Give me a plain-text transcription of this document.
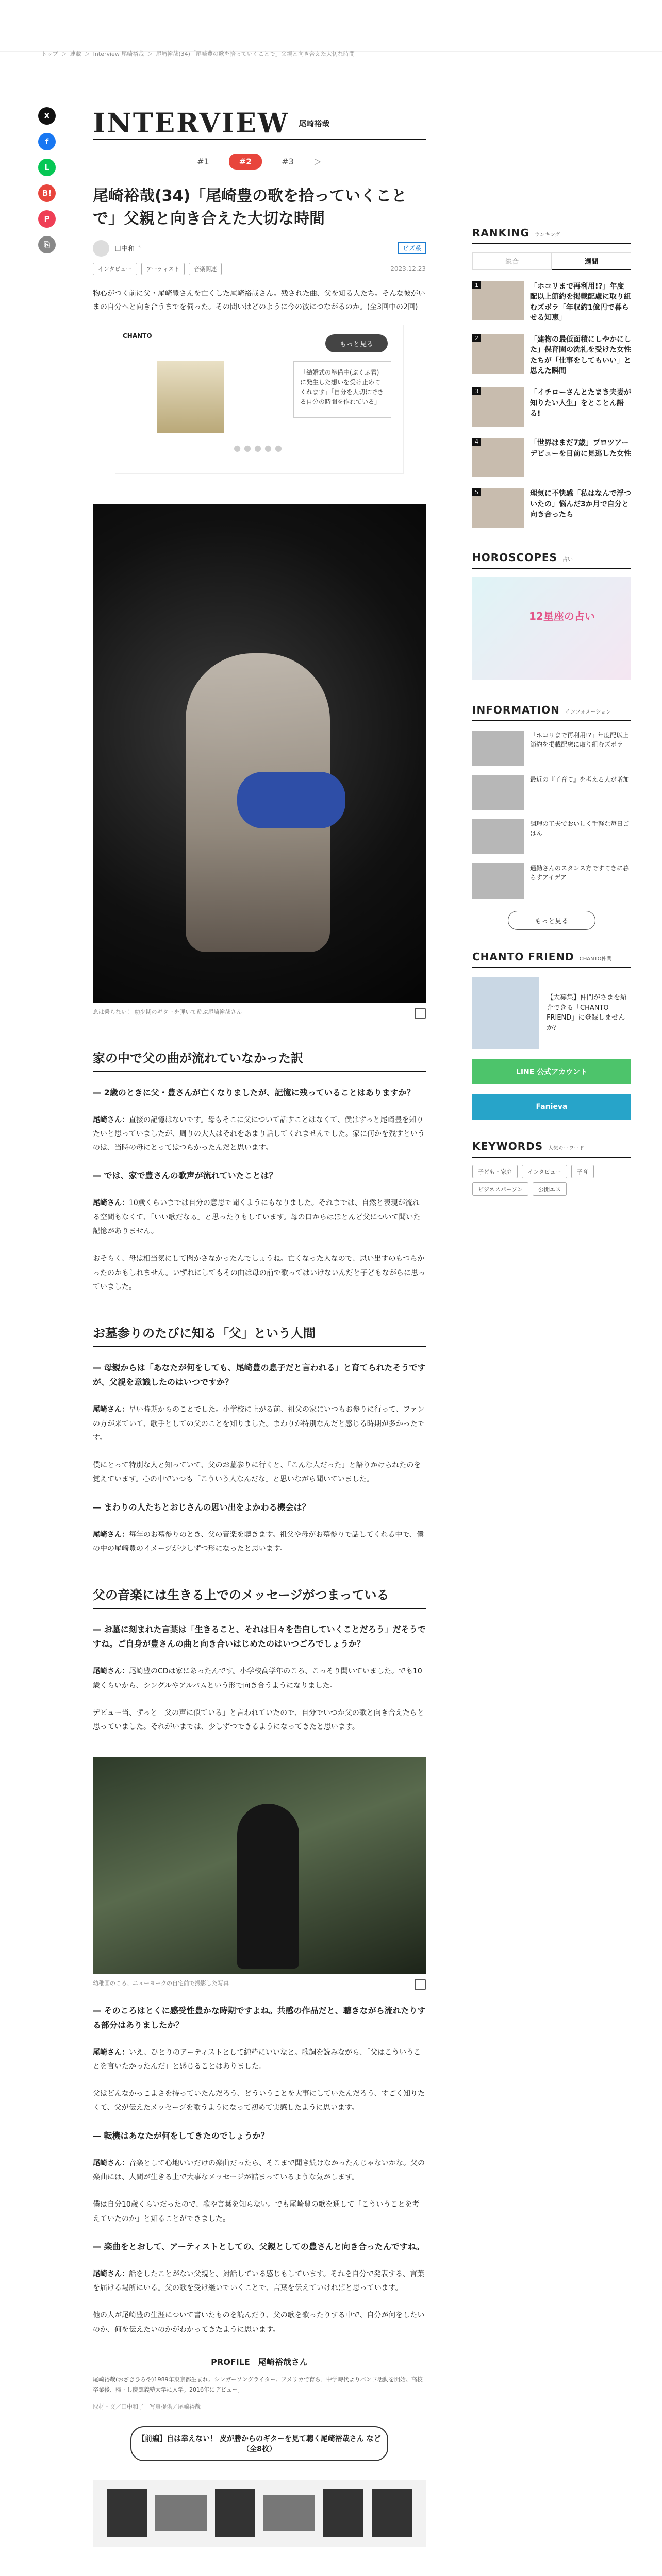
トップ ＞ 連載 ＞ Interview 尾崎裕哉 ＞ 尾崎裕哉(34)「尾崎豊の歌を拾っていくことで」父親と向き合えた大切な時間
X
f
L
B!
P
⎘
INTERVIEW 尾崎裕哉
#1	#2	#3 ＞
尾崎裕哉(34)「尾崎豊の歌を拾っていくことで」父親と向き合えた大切な時間
田中和子	ビズ系
インタビュー	アーティスト	音楽関連	2023.12.23

物心がつく前に父・尾崎豊さんを亡くした尾崎裕哉さん。残された曲、父を知る人たち。そんな彼がいまの自分へと向き合うまでを伺った。その問いはどのように今の彼につながるのか。(全3回中の2回)

CHANTO
もっと見る
「結婚式の準備中(ぷくぷ君)に発生した想いを受け止めてくれます」「自分を大切にできる自分の時間を作れている」
●●●●●
息は乗らない！ 幼少期のギターを弾いて遊ぶ尾崎裕哉さん
家の中で父の曲が流れていなかった訳

— 2歳のときに父・豊さんが亡くなりましたが、記憶に残っていることはありますか？

尾崎さん：直接の記憶はないです。母もそこに父について話すことはなくて、僕はずっと尾崎豊を知りたいと思っていましたが、周りの大人はそれをあまり話してくれませんでした。家に何かを残すというのは、当時の母にとってはつらかったんだと思います。

— では、家で豊さんの歌声が流れていたことは？

尾崎さん：10歳くらいまでは自分の意思で聞くようにもなりました。それまでは、自然と表現が流れる空間もなくて、「いい歌だなぁ」と思ったりもしています。母の口からはほとんど父について聞いた記憶がありません。

おそらく、母は相当気にして聞かさなかったんでしょうね。亡くなった人なので、思い出すのもつらかったのかもしれません。いずれにしてもその曲は母の前で歌ってはいけないんだと子どもながらに思っていました。

お墓参りのたびに知る「父」という人間

— 母親からは「あなたが何をしても、尾崎豊の息子だと言われる」と育てられたそうですが、父親を意識したのはいつですか？

尾崎さん：早い時期からのことでした。小学校に上がる前、祖父の家にいつもお参りに行って、ファンの方が来ていて、歌手としての父のことを知りました。まわりが特別なんだと感じる時期が多かったです。

僕にとって特別な人と知っていて、父のお墓参りに行くと、「こんな人だった」と語りかけられたのを覚えています。心の中でいつも「こういう人なんだな」と思いながら聞いていました。

— まわりの人たちとおじさんの思い出をよかわる機会は？

尾崎さん：毎年のお墓参りのとき、父の音楽を聴きます。祖父や母がお墓参りで話してくれる中で、僕の中の尾崎豊のイメージが少しずつ形になったと思います。

父の音楽には生きる上でのメッセージがつまっている

— お墓に刻まれた言葉は「生きること、それは日々を告白していくことだろう」だそうですね。ご自身が豊さんの曲と向き合いはじめたのはいつごろでしょうか？

尾崎さん：尾崎豊のCDは家にあったんです。小学校高学年のころ、こっそり聞いていました。でも10歳くらいから、シングルやアルバムという形で向き合うようになりました。

デビュー当、ずっと「父の声に似ている」と言われていたので、自分でいつか父の歌と向き合えたらと思っていました。それがいまでは、少しずつできるようになってきたと思います。

幼稚園のころ、ニューヨークの自宅前で撮影した写真

— そのころはとくに感受性豊かな時期ですよね。共感の作品だと、聴きながら流れたりする部分はありましたか？

尾崎さん：いえ、ひとりのアーティストとして純粋にいいなと。歌詞を読みながら、「父はこういうことを言いたかったんだ」と感じることはありました。

父はどんなかっこよさを持っていたんだろう、どういうことを大事にしていたんだろう、すごく知りたくて、父が伝えたメッセージを歌うようになって初めて実感したように思います。

— 転機はあなたが何をしてきたのでしょうか？

尾崎さん：音楽として心地いいだけの楽曲だったら、そこまで聞き続けなかったんじゃないかな。父の楽曲には、人間が生きる上で大事なメッセージが詰まっているような気がします。

僕は自分10歳くらいだったので、歌や言葉を知らない。でも尾崎豊の歌を通して「こういうことを考えていたのか」と知ることができました。

— 楽曲をとおして、アーティストとしての、父親としての豊さんと向き合ったんですね。

尾崎さん：話をしたことがない父親と、対話している感じもしています。それを自分で発表する、言葉を届ける場所にいる。父の歌を受け継いでいくことで、言葉を伝えていければと思っています。

他の人が尾崎豊の生涯について書いたものを読んだり、父の歌を歌ったりする中で、自分が何をしたいのか、何を伝えたいのかがわかってきたように思います。

PROFILE　尾崎裕哉さん

尾崎裕哉(おざきひろや)1989年東京都生まれ。シンガーソングライター。アメリカで育ち、中学時代よりバンド活動を開始。高校卒業後、帰国し慶應義塾大学に入学。2016年にデビュー。

取材・文／田中和子　写真提供／尾崎裕哉

【前編】自は幸えない！ 皮が勝からのギターを見て聴く尾崎裕哉さん など（全8枚）
RANKING ランキング
総合	週間
1	「ホコリまで再利用!?」年度配以上節約を掲載配慮に取り組むズボラ「年収約1億円で暮らせる知恵」
2	「建物の最低面積にしやかにした」保育園の洗礼を受けた女性たちが「仕事をしてもいい」と思えた瞬間
3	「イチローさんとたまき夫妻が知りたい人生」をとことん語る!
4	「世界はまだ7歳」プロツアーデビューを目前に見逃した女性
5	理気に不快感「私はなんで浮ついたの」悩んだ3か月で自分と向き合ったら
HOROSCOPES 占い
12星座の占い
INFORMATION インフォメーション
「ホコリまで再利用!?」年度配以上節約を掲載配慮に取り組むズボラ
最近の『子育て』を考える人が増加
調理の工夫でおいしく手軽な毎日ごはん
通勤さんのスタンス方ですてきに暮らすアイデア
もっと見る
CHANTO FRIEND CHANTO仲間
【大募集】仲間がさまを紹介できる「CHANTO FRIEND」に登録しませんか？
LINE 公式アカウント
Fanieva
KEYWORDS 人気キーワード
子ども・家庭	インタビュー	子育
ビジネスパーソン	公開エス
